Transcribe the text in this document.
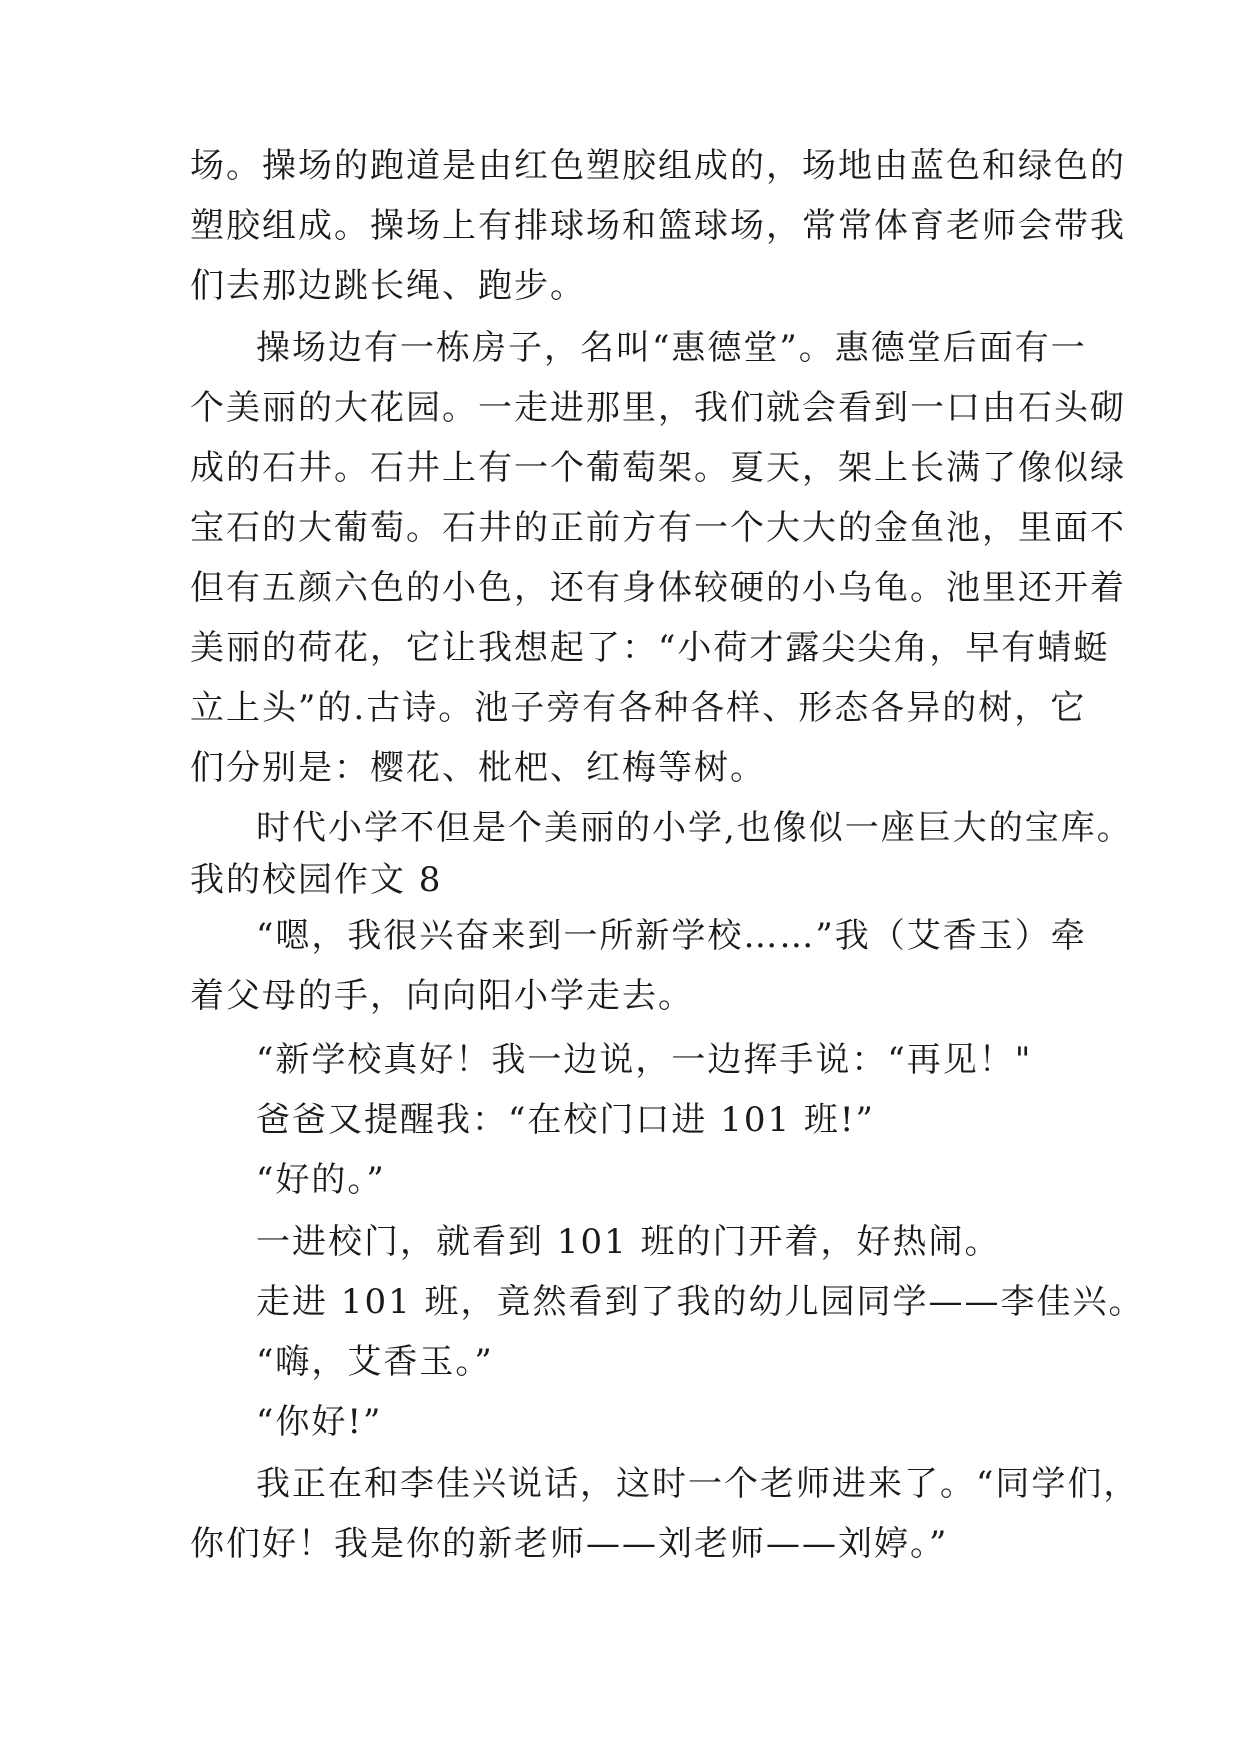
场。操场的跑道是由红色塑胶组成的，场地由蓝色和绿色的
塑胶组成。操场上有排球场和篮球场，常常体育老师会带我
们去那边跳长绳、跑步。
操场边有一栋房子，名叫“惠德堂”。惠德堂后面有一
个美丽的大花园。一走进那里，我们就会看到一口由石头砌
成的石井。石井上有一个葡萄架。夏天，架上长满了像似绿
宝石的大葡萄。石井的正前方有一个大大的金鱼池，里面不
但有五颜六色的小色，还有身体较硬的小乌龟。池里还开着
美丽的荷花，它让我想起了：“小荷才露尖尖角，早有蜻蜓
立上头”的.古诗。池子旁有各种各样、形态各异的树，它
们分别是：樱花、枇杷、红梅等树。
时代小学不但是个美丽的小学,也像似一座巨大的宝库。
我的校园作文 8
“嗯，我很兴奋来到一所新学校……”我（艾香玉）牵
着父母的手，向向阳小学走去。
“新学校真好！我一边说，一边挥手说：“再见！"
爸爸又提醒我：“在校门口进 101 班!”
“好的。”
一进校门，就看到 101 班的门开着，好热闹。
走进 101 班，竟然看到了我的幼儿园同学——李佳兴。
“嗨，艾香玉。”
“你好!”
我正在和李佳兴说话，这时一个老师进来了。“同学们，
你们好！我是你的新老师——刘老师——刘婷。”
